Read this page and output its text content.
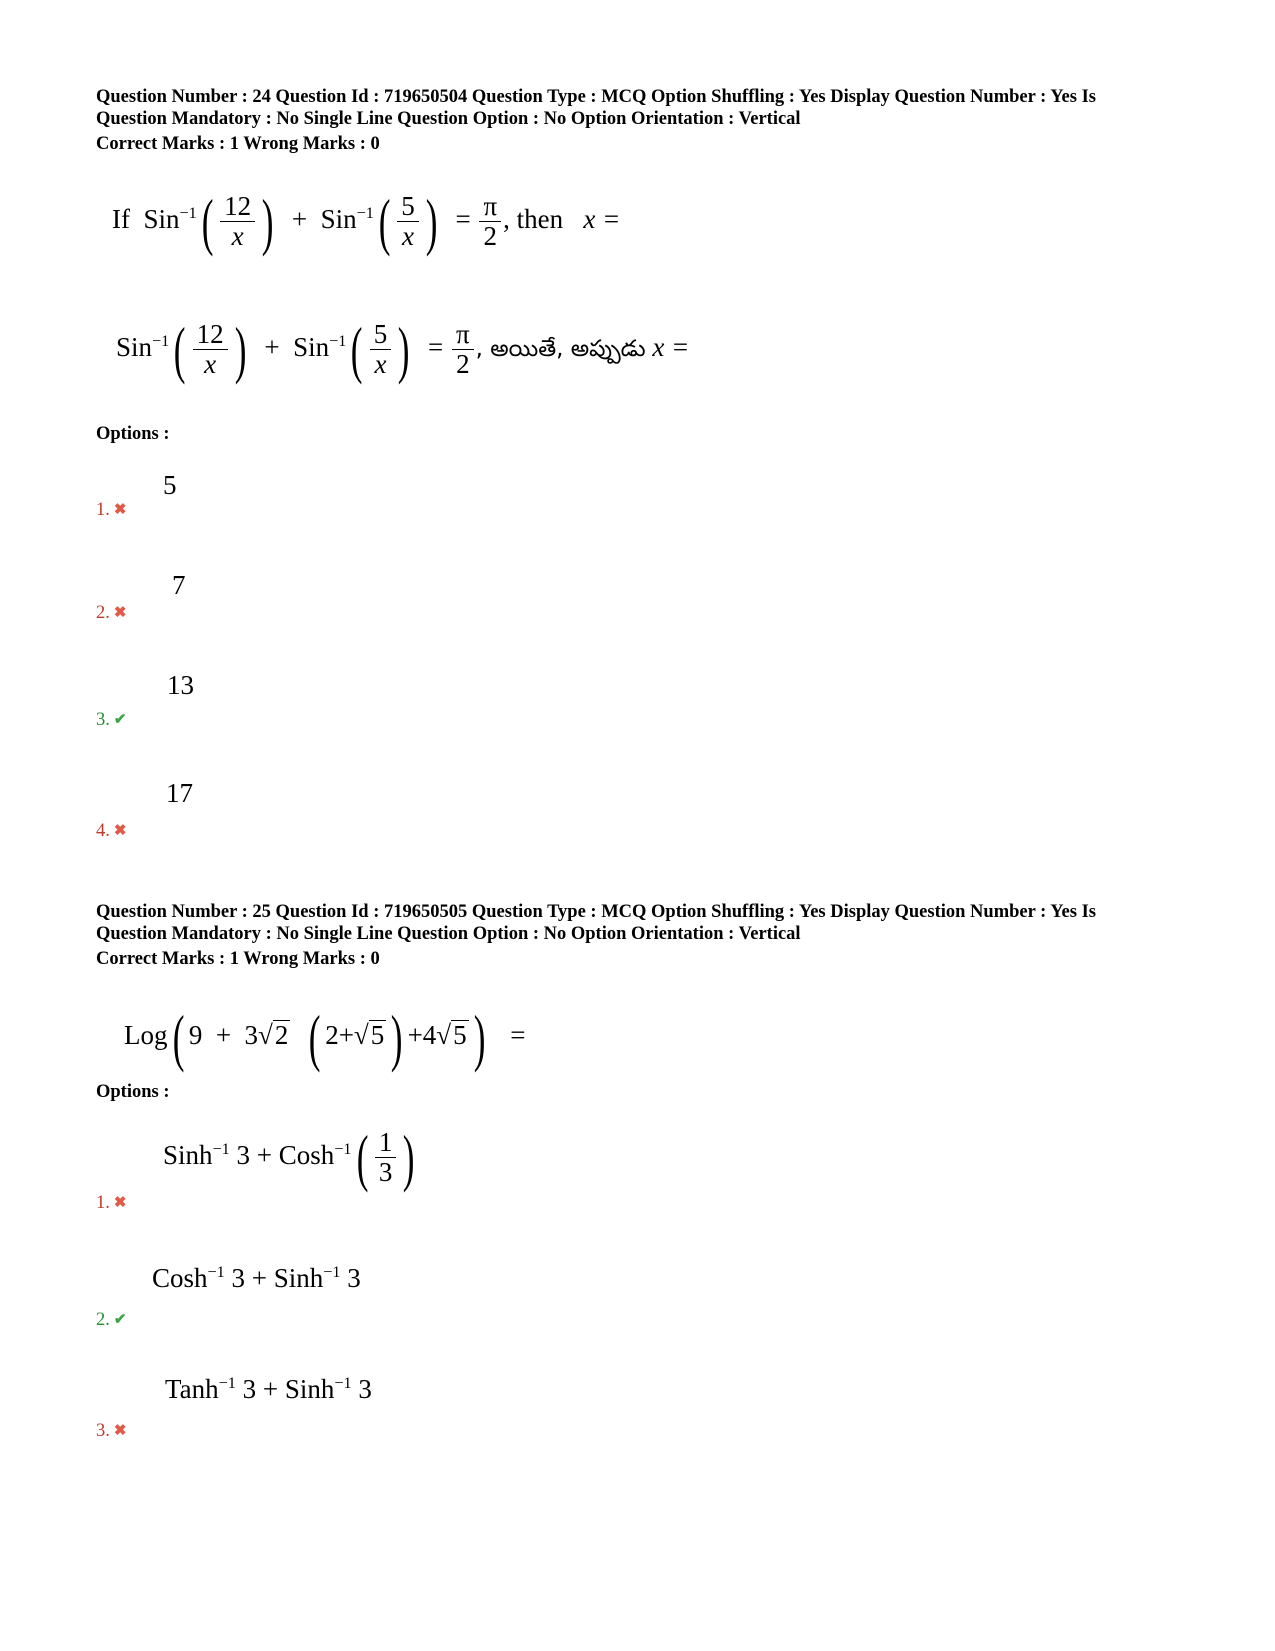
Question Number : 24 Question Id : 719650504 Question Type : MCQ Option Shuffling : Yes Display Question Number : Yes Is
Question Mandatory : No Single Line Question Option : No Option Orientation : Vertical
Correct Marks : 1 Wrong Marks : 0
If $Sin^{-1}( \frac{12}{x}$ ) + $Sin^{-1}( \frac{5}{x}$ ) = $\frac{\pi}{2}$ , then x =
$Sin^{-1}( \frac{12}{x}$ ) + $Sin^{-1}( \frac{5}{x}$ ) = $\frac{\pi}{2}$ , అయితే, అప్పుడు x =
Options :
5
1. ✖
7
2. ✖
13
3. ✔
17
4. ✖
Question Number : 25 Question Id : 719650505 Question Type : MCQ Option Shuffling : Yes Display Question Number : Yes Is
Question Mandatory : No Single Line Question Option : No Option Orientation : Vertical
Correct Marks : 1 Wrong Marks : 0
Log( 9 + 3√2 ( 2+√5 ) +4√5 ) =
Options :
Sinh$^{-1}$ 3 + Cosh$^{-1}$( $\frac{1}{3}$ )
1. ✖
Cosh$^{-1}$ 3 + Sinh$^{-1}$ 3
2. ✔
Tanh$^{-1}$ 3 + Sinh$^{-1}$ 3
3. ✖
